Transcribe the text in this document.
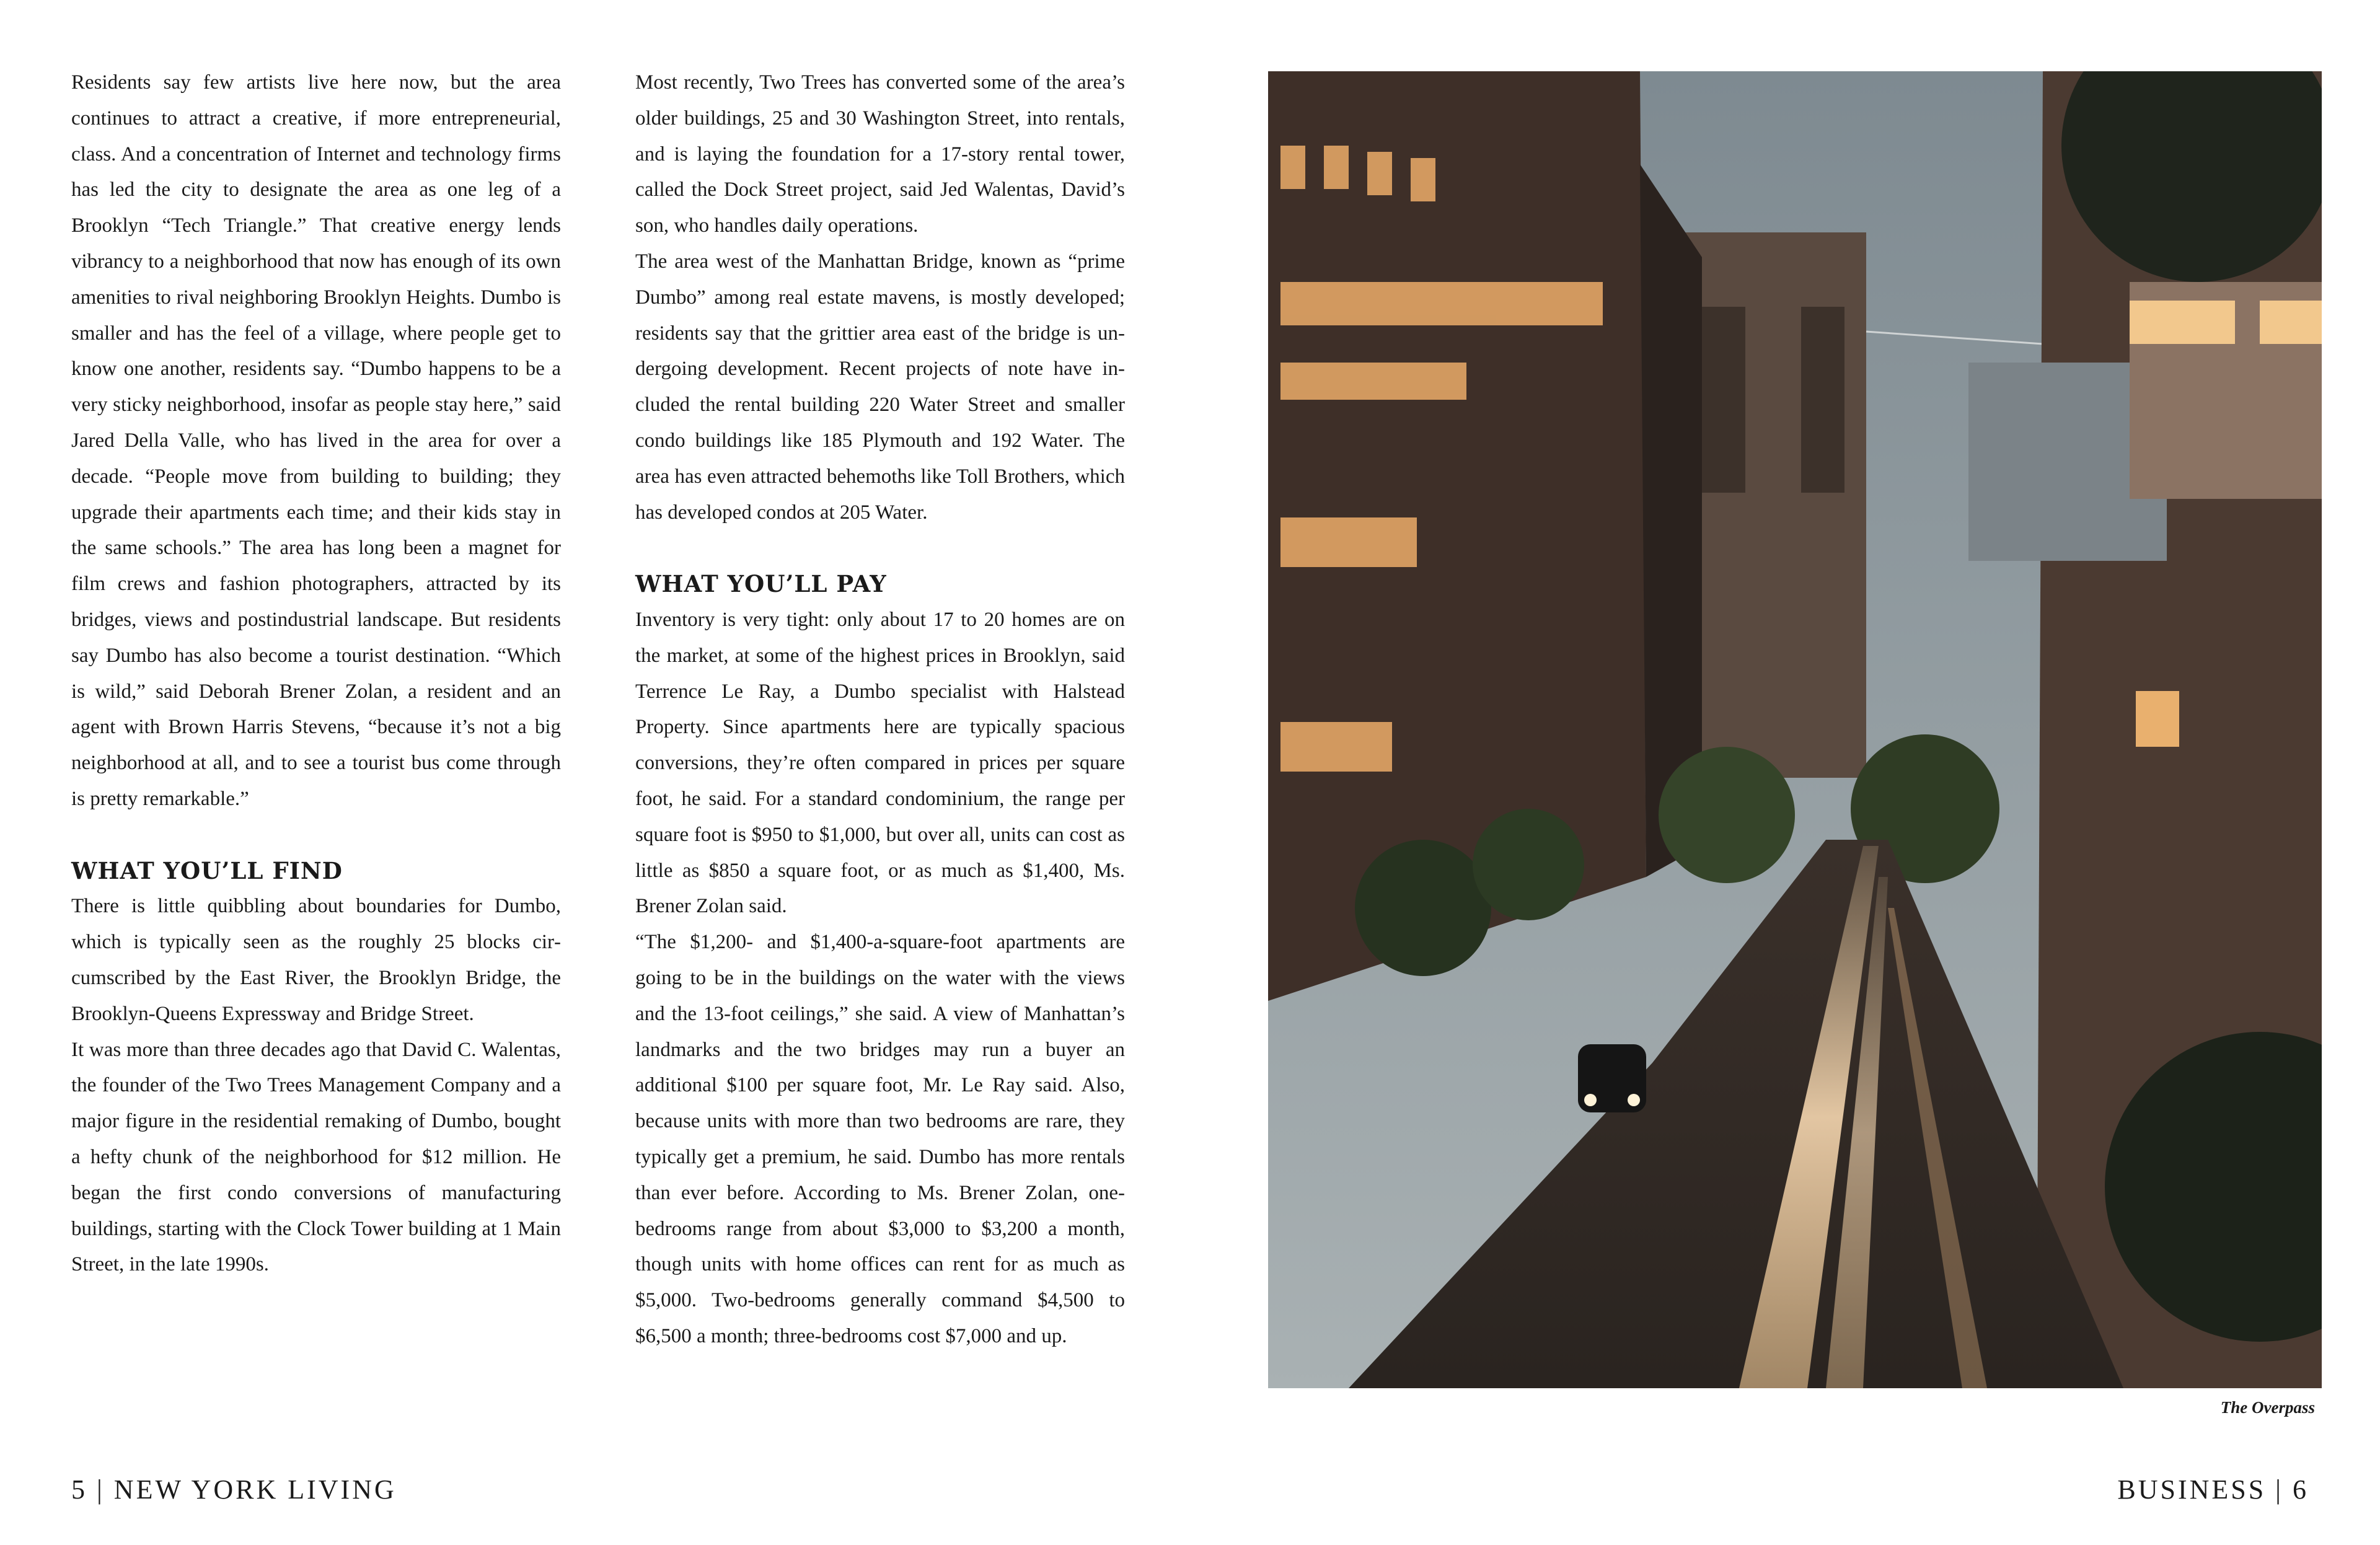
Residents say few artists live here now, but the area continues to attract a creative, if more entrepreneurial, class. And a concentration of Internet and technology firms has led the city to designate the area as one leg of a Brooklyn “Tech Triangle.” That creative energy lends vibrancy to a neighborhood that now has enough of its own amenities to rival neighboring Brooklyn Heights. Dumbo is smaller and has the feel of a village, where people get to know one another, residents say. “Dumbo happens to be a very sticky neighborhood, insofar as people stay here,” said Jared Della Valle, who has lived in the area for over a decade. “People move from building to building; they upgrade their apartments each time; and their kids stay in the same schools.” The area has long been a magnet for film crews and fashion photographers, attracted by its bridges, views and postindustrial landscape. But residents say Dumbo has also become a tourist destination. “Which is wild,” said Deborah Brener Zolan, a resident and an agent with Brown Harris Stevens, “because it’s not a big neighborhood at all, and to see a tourist bus come through is pretty remarkable.”

WHAT YOU’LL FIND

There is little quibbling about boundaries for Dumbo, which is typically seen as the roughly 25 blocks circumscribed by the East River, the Brooklyn Bridge, the Brooklyn-Queens Expressway and Bridge Street.

It was more than three decades ago that David C. Walentas, the founder of the Two Trees Management Company and a major figure in the residential remaking of Dumbo, bought a hefty chunk of the neighborhood for $12 million. He began the first condo conversions of manufacturing buildings, starting with the Clock Tower building at 1 Main Street, in the late 1990s.

Most recently, Two Trees has converted some of the area’s older buildings, 25 and 30 Washington Street, into rentals, and is laying the foundation for a 17-story rental tower, called the Dock Street project, said Jed Walentas, David’s son, who handles daily operations.

The area west of the Manhattan Bridge, known as “prime Dumbo” among real estate mavens, is mostly developed; residents say that the grittier area east of the bridge is undergoing development. Recent projects of note have included the rental building 220 Water Street and smaller condo buildings like 185 Plymouth and 192 Water. The area has even attracted behemoths like Toll Brothers, which has developed condos at 205 Water.

WHAT YOU’LL PAY

Inventory is very tight: only about 17 to 20 homes are on the market, at some of the highest prices in Brooklyn, said Terrence Le Ray, a Dumbo specialist with Halstead Property. Since apartments here are typically spacious conversions, they’re often compared in prices per square foot, he said. For a standard condominium, the range per square foot is $950 to $1,000, but over all, units can cost as little as $850 a square foot, or as much as $1,400, Ms. Brener Zolan said.

“The $1,200- and $1,400-a-square-foot apartments are going to be in the buildings on the water with the views and the 13-foot ceilings,” she said. A view of Manhattan’s landmarks and the two bridges may run a buyer an additional $100 per square foot, Mr. Le Ray said. Also, because units with more than two bedrooms are rare, they typically get a premium, he said. Dumbo has more rentals than ever before. According to Ms. Brener Zolan, one-bedrooms range from about $3,000 to $3,200 a month, though units with home offices can rent for as much as $5,000. Two-bedrooms generally command $4,500 to $6,500 a month; three-bedrooms cost $7,000 and up.

The Overpass
5 | NEW YORK LIVING	BUSINESS | 6
